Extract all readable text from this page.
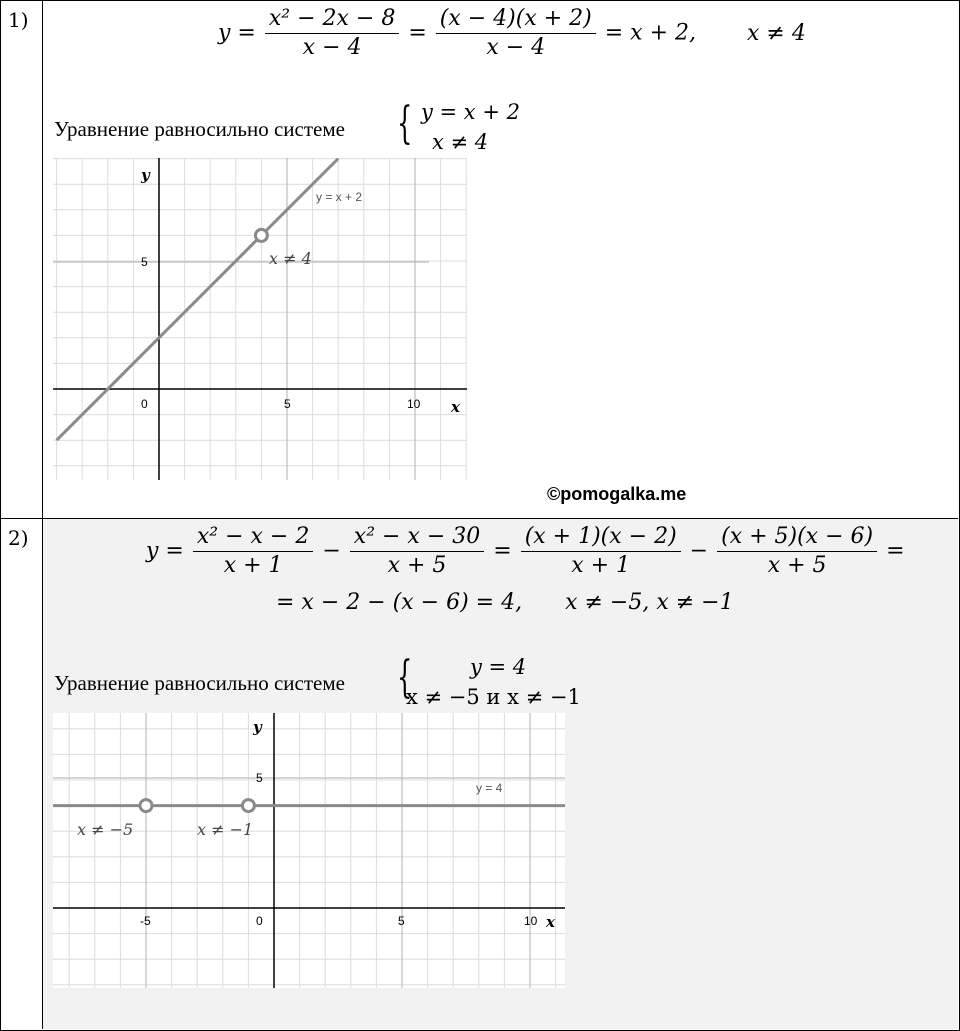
1)
$y = \frac{\text{x² − 2x − 8}}{x - 4} = \frac{(x - 4)(x + 2)}{x - 4} = x + 2$, x ≠ 4
Уравнение равносильно системе { y = x + 2
x ≠ 4
y
x
0	5	10
5
y = x + 2
x ≠ 4
©pomogalka.me
2)
$y = \frac{\text{x² − x − 2}}{x + 1} - \frac{\text{x² − x − 30}}{x + 5} = \frac{(x + 1)(x - 2)}{x + 1} - \frac{(x + 5)(x - 6)}{x + 5}$ =
= x − 2 − (x − 6) = 4, x ≠ −5, x ≠ −1
Уравнение равносильно системе {	y = 4
x ≠ −5 и x ≠ −1
y
x
-5	0	5	10
5
y = 4
x ≠ −5	x ≠ −1
